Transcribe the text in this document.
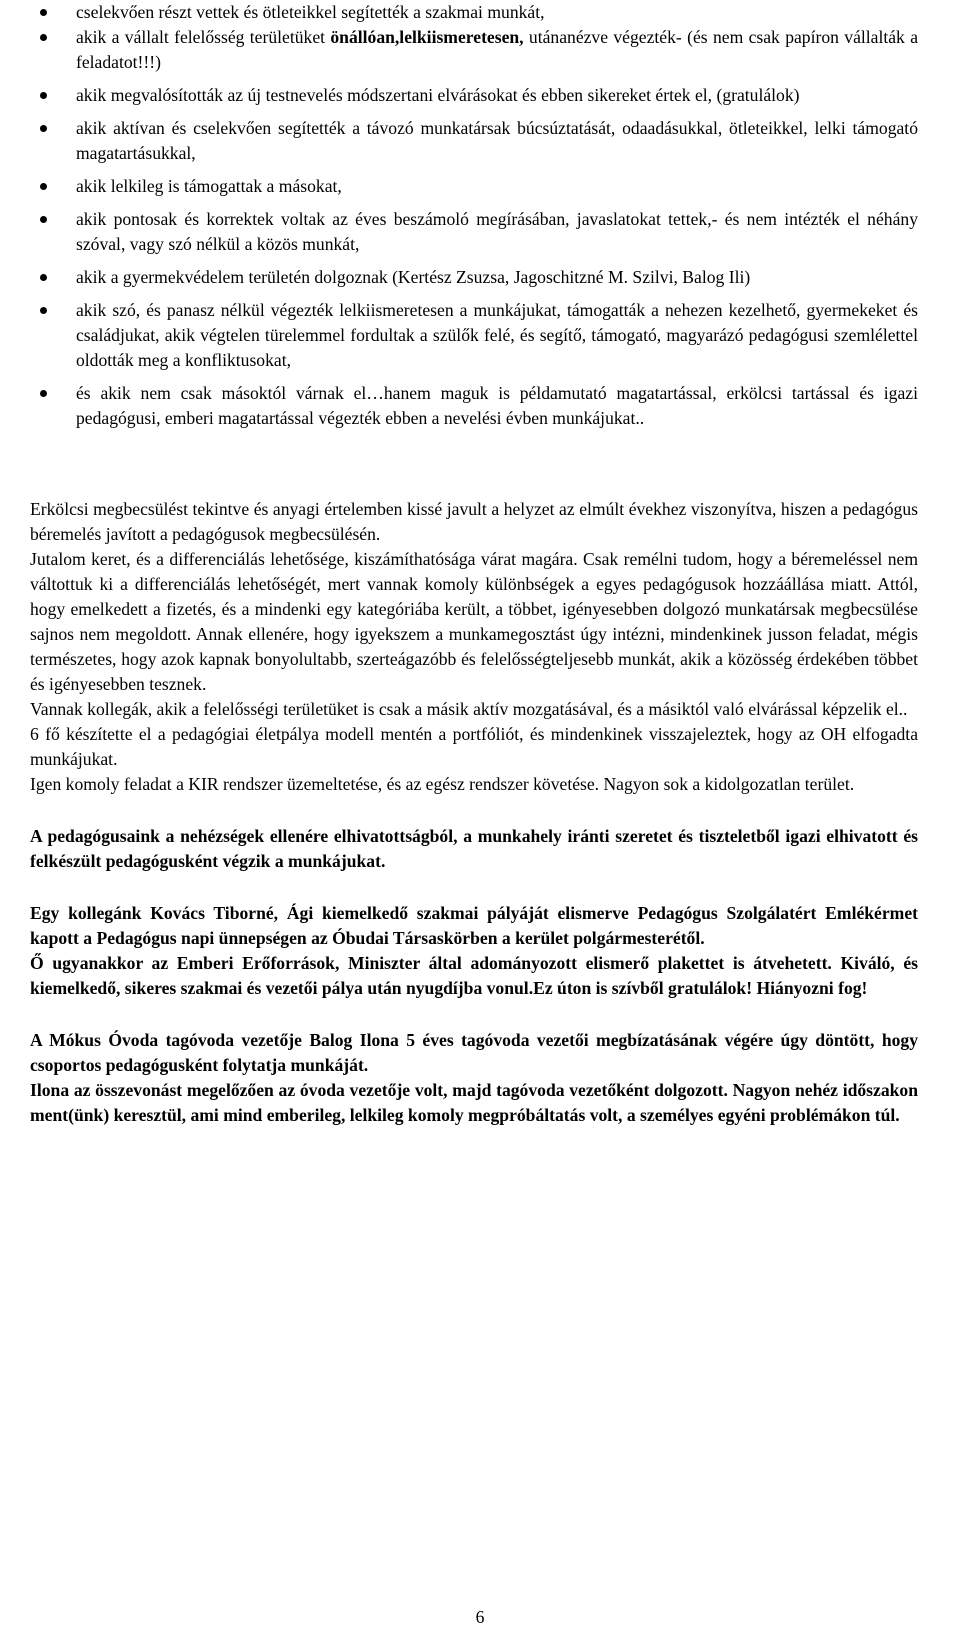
cselekvően részt vettek és ötleteikkel segítették a szakmai munkát,
akik a vállalt felelősség területüket önállóan,lelkiismeretesen, utánanézve végezték- (és nem csak papíron vállalták a feladatot!!!)
akik megvalósították az új testnevelés módszertani elvárásokat és ebben sikereket értek el, (gratulálok)
akik aktívan és cselekvően segítették a távozó munkatársak búcsúztatását, odaadásukkal, ötleteikkel, lelki támogató magatartásukkal,
akik lelkileg is támogattak a másokat,
akik pontosak és korrektek voltak az éves beszámoló megírásában, javaslatokat tettek,- és nem intézték el néhány szóval, vagy szó nélkül a közös munkát,
akik a gyermekvédelem területén dolgoznak (Kertész Zsuzsa, Jagoschitzné M. Szilvi, Balog Ili)
akik szó, és panasz nélkül végezték lelkiismeretesen a munkájukat, támogatták a nehezen kezelhető, gyermekeket és családjukat, akik végtelen türelemmel fordultak a szülők felé, és segítő, támogató, magyarázó pedagógusi szemlélettel oldották meg a konfliktusokat,
és akik nem csak másoktól várnak el…hanem maguk is példamutató magatartással, erkölcsi tartással és igazi pedagógusi, emberi magatartással végezték ebben a nevelési évben munkájukat..

Erkölcsi megbecsülést tekintve és anyagi értelemben kissé javult a helyzet az elmúlt évekhez viszonyítva, hiszen a pedagógus béremelés javított a pedagógusok megbecsülésén.

Jutalom keret, és a differenciálás lehetősége, kiszámíthatósága várat magára. Csak remélni tudom, hogy a béremeléssel nem váltottuk ki a differenciálás lehetőségét, mert vannak komoly különbségek a egyes pedagógusok hozzáállása miatt. Attól, hogy emelkedett a fizetés, és a mindenki egy kategóriába került, a többet, igényesebben dolgozó munkatársak megbecsülése sajnos nem megoldott. Annak ellenére, hogy igyekszem a munkamegosztást úgy intézni, mindenkinek jusson feladat, mégis természetes, hogy azok kapnak bonyolultabb, szerteágazóbb és felelősségteljesebb munkát, akik a közösség érdekében többet és igényesebben tesznek.

Vannak kollegák, akik a felelősségi területüket is csak a másik aktív mozgatásával, és a másiktól való elvárással képzelik el..

6 fő készítette el a pedagógiai életpálya modell mentén a portfóliót, és mindenkinek visszajeleztek, hogy az OH elfogadta munkájukat.

Igen komoly feladat a KIR rendszer üzemeltetése, és az egész rendszer követése. Nagyon sok a kidolgozatlan terület.

A pedagógusaink a nehézségek ellenére elhivatottságból, a munkahely iránti szeretet és tiszteletből igazi elhivatott és felkészült pedagógusként végzik a munkájukat.

Egy kollegánk Kovács Tiborné, Ági kiemelkedő szakmai pályáját elismerve Pedagógus Szolgálatért Emlékérmet kapott a Pedagógus napi ünnepségen az Óbudai Társaskörben a kerület polgármesterétől.

Ő ugyanakkor az Emberi Erőforrások, Miniszter által adományozott elismerő plakettet is átvehetett. Kiváló, és kiemelkedő, sikeres szakmai és vezetői pálya után nyugdíjba vonul.Ez úton is szívből gratulálok! Hiányozni fog!

A Mókus Óvoda tagóvoda vezetője Balog Ilona 5 éves tagóvoda vezetői megbízatásának végére úgy döntött, hogy csoportos pedagógusként folytatja munkáját.

Ilona az összevonást megelőzően az óvoda vezetője volt, majd tagóvoda vezetőként dolgozott. Nagyon nehéz időszakon ment(ünk) keresztül, ami mind emberileg, lelkileg komoly megpróbáltatás volt, a személyes egyéni problémákon túl.

6
